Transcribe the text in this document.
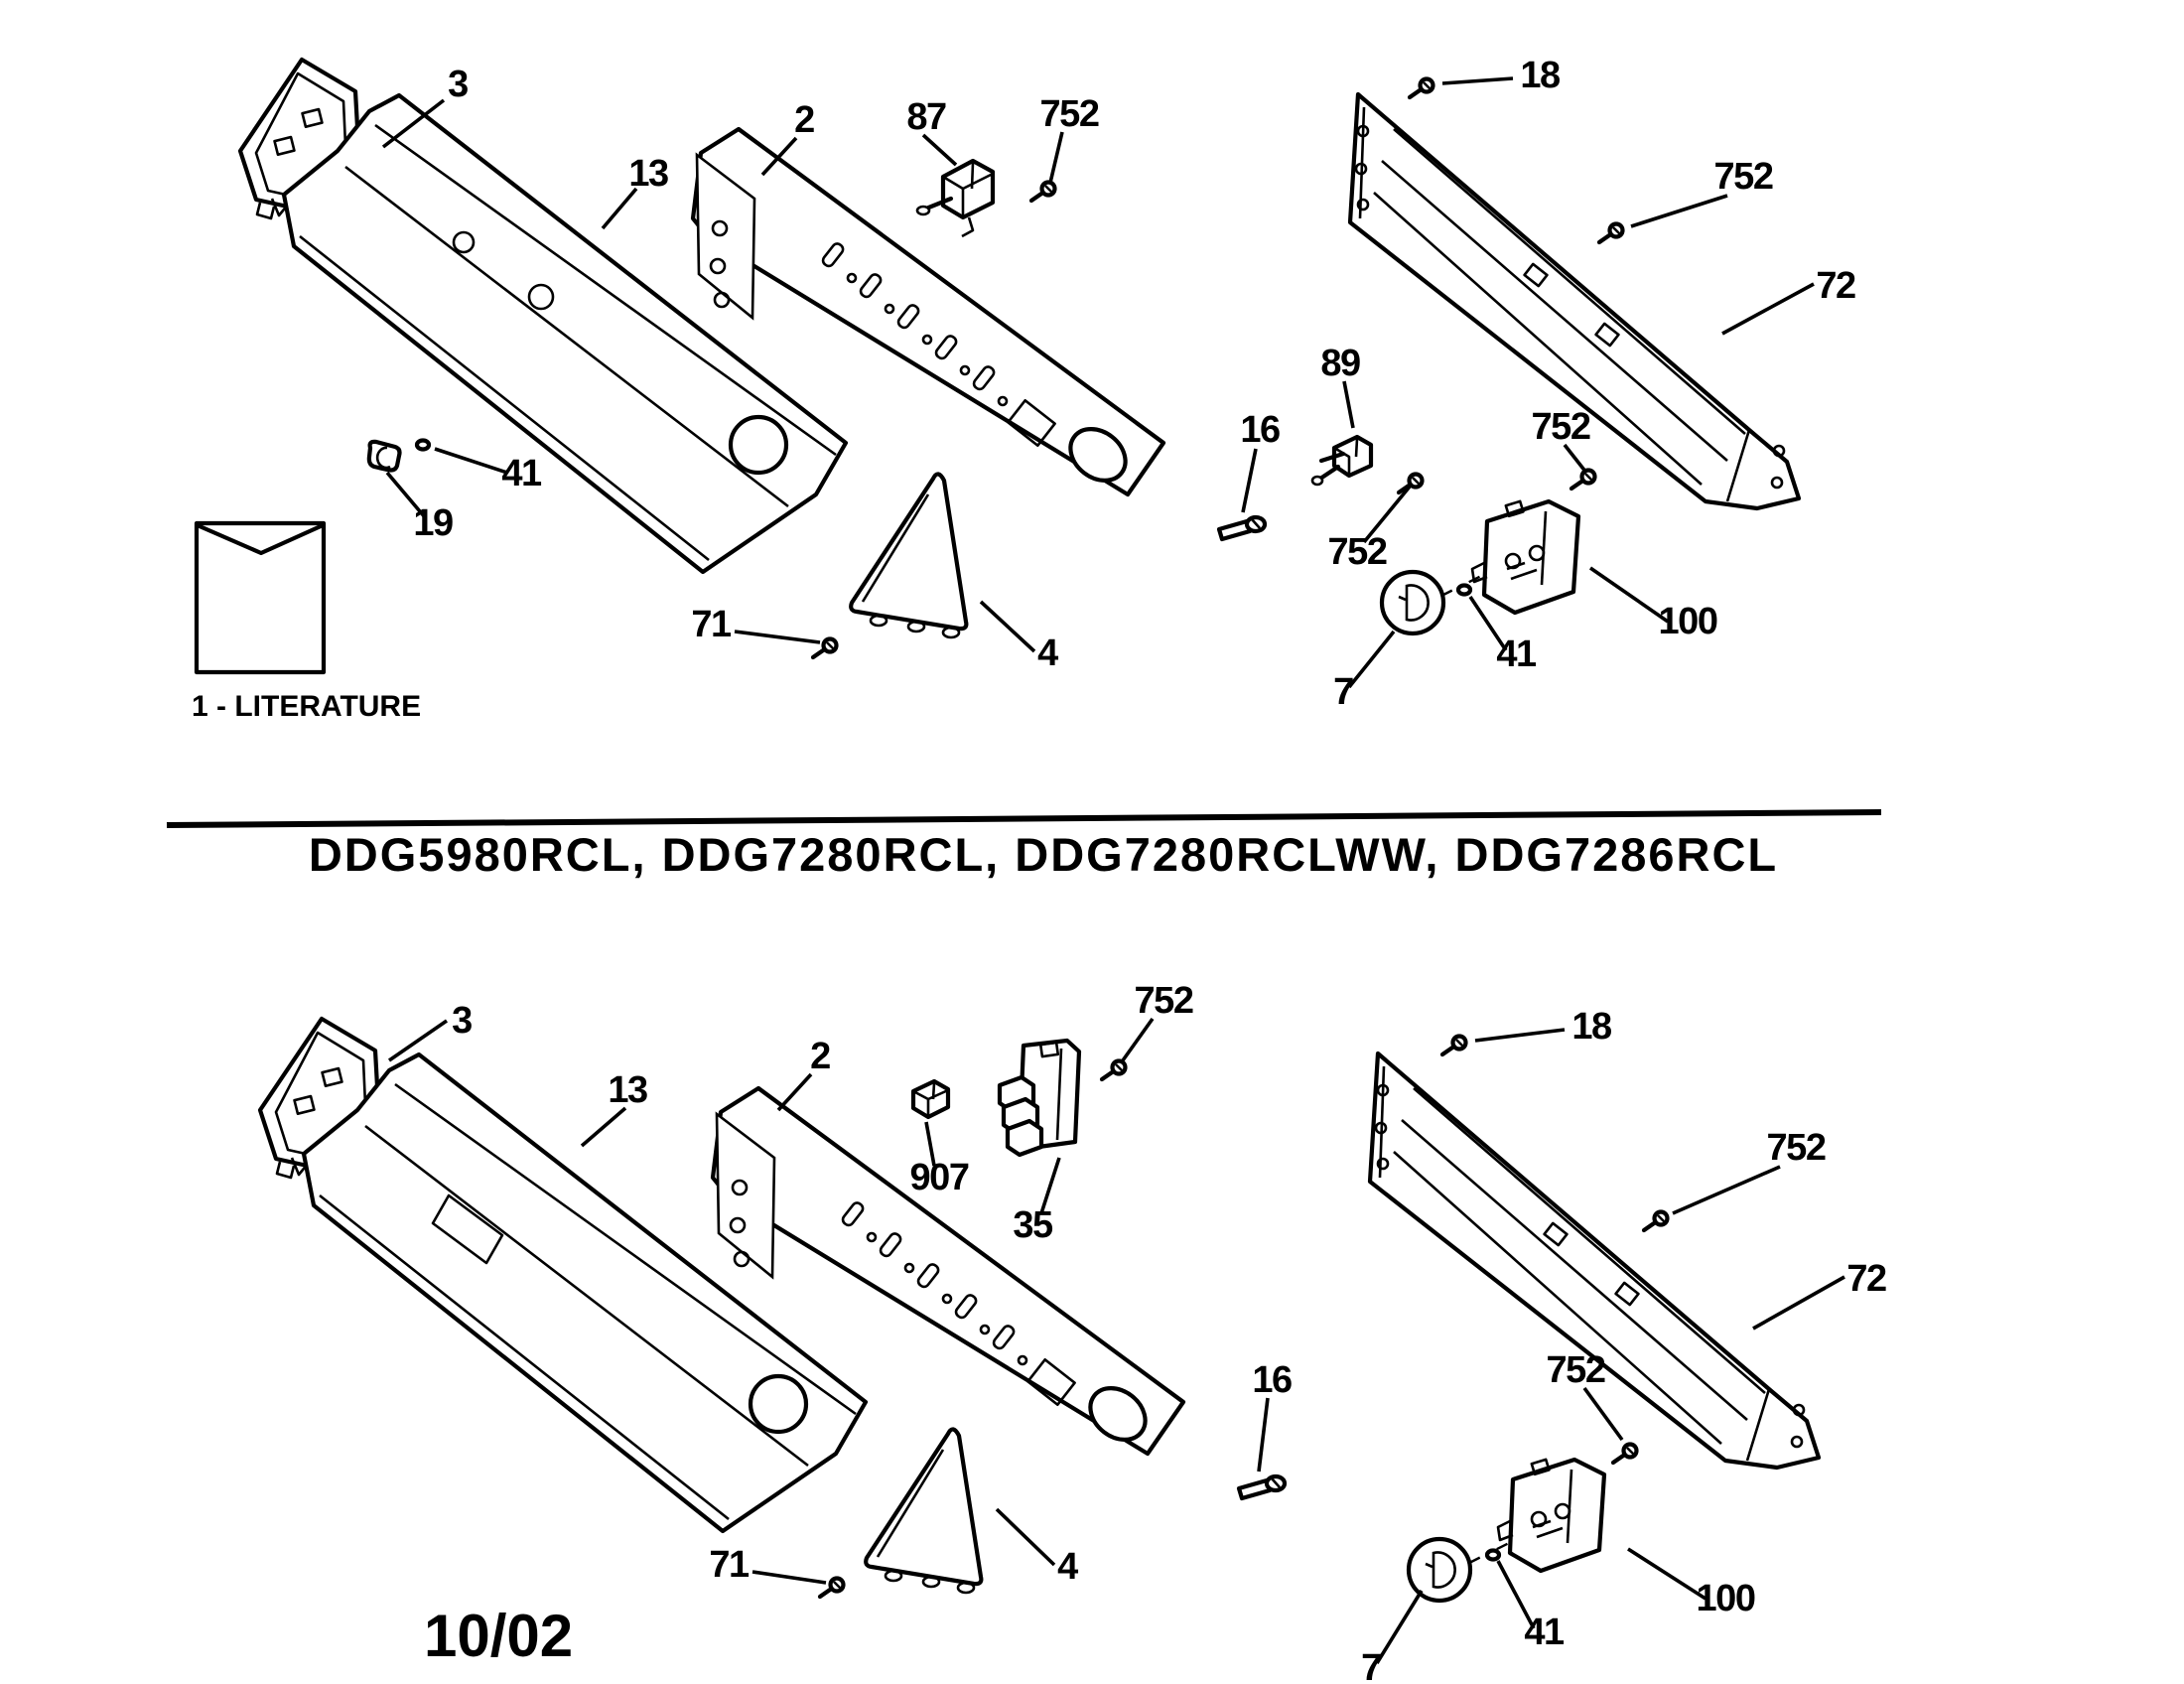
1 - LITERATURE
DDG5980RCL, DDG7280RCL, DDG7280RCLWW, DDG7286RCL
10/02
3
13
2 87 752
18
752
72
89
16	752
752
100
41
7
71
4
41
19
3
13
2
907
35
752
18
752
72
752
16
100
41
7
71	4
